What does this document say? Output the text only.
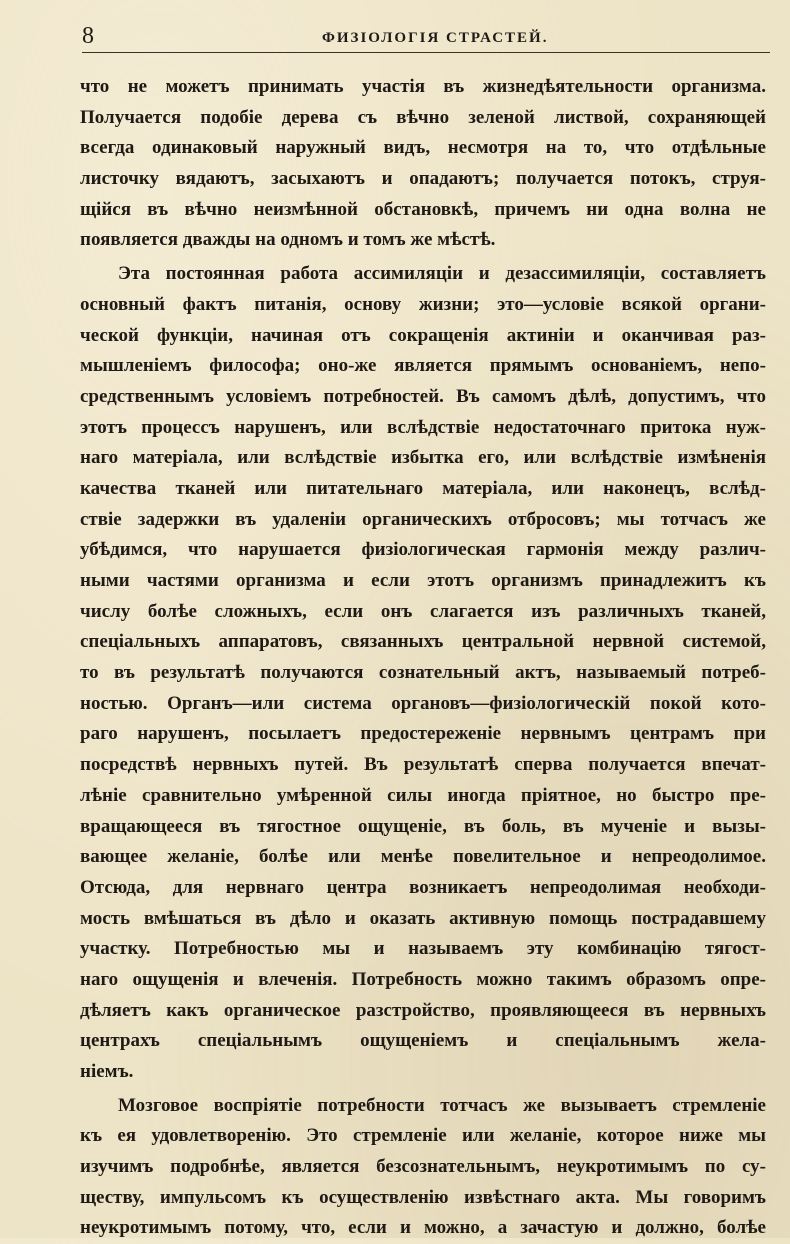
8	ФИЗIОЛОГIЯ СТРАСТЕЙ.
что не можетъ принимать участія въ жизнедѣятельности организма.
Получается подобіе дерева съ вѣчно зеленой листвой, сохраняющей
всегда одинаковый наружный видъ, несмотря на то, что отдѣльные
листочку вядаютъ, засыхаютъ и опадаютъ; получается потокъ, струя-
щійся въ вѣчно неизмѣнной обстановкѣ, причемъ ни одна волна не
появляется дважды на одномъ и томъ же мѣстѣ.
Эта постоянная работа ассимиляціи и дезассимиляціи, составляетъ
основный фактъ питанія, основу жизни; это—условіе всякой органи-
ческой функціи, начиная отъ сокращенія актиніи и оканчивая раз-
мышленіемъ философа; оно-же является прямымъ основаніемъ, непо-
средственнымъ условіемъ потребностей. Въ самомъ дѣлѣ, допустимъ, что
этотъ процессъ нарушенъ, или вслѣдствіе недостаточнаго притока нуж-
наго матеріала, или вслѣдствіе избытка его, или вслѣдствіе измѣненія
качества тканей или питательнаго матеріала, или наконецъ, вслѣд-
ствіе задержки въ удаленіи органическихъ отбросовъ; мы тотчасъ же
убѣдимся, что нарушается физіологическая гармонія между различ-
ными частями организма и если этотъ организмъ принадлежитъ къ
числу болѣе сложныхъ, если онъ слагается изъ различныхъ тканей,
спеціальныхъ аппаратовъ, связанныхъ центральной нервной системой,
то въ результатѣ получаются сознательный актъ, называемый потреб-
ностью. Органъ—или система органовъ—физіологическій покой кото-
раго нарушенъ, посылаетъ предостереженіе нервнымъ центрамъ при
посредствѣ нервныхъ путей. Въ результатѣ сперва получается впечат-
лѣніе сравнительно умѣренной силы иногда пріятное, но быстро пре-
вращающееся въ тягостное ощущеніе, въ боль, въ мученіе и вызы-
вающее желаніе, болѣе или менѣе повелительное и непреодолимое.
Отсюда, для нервнаго центра возникаетъ непреодолимая необходи-
мость вмѣшаться въ дѣло и оказать активную помощь пострадавшему
участку. Потребностью мы и называемъ эту комбинацію тягост-
наго ощущенія и влеченія. Потребность можно такимъ образомъ опре-
дѣляетъ какъ органическое разстройство, проявляющееся въ нервныхъ
центрахъ спеціальнымъ ощущеніемъ и спеціальнымъ жела-
ніемъ.
Мозговое воспріятіе потребности тотчасъ же вызываетъ стремленіе
къ ея удовлетворенію. Это стремленіе или желаніе, которое ниже мы
изучимъ подробнѣе, является безсознательнымъ, неукротимымъ по су-
ществу, импульсомъ къ осуществленію извѣстнаго акта. Мы говоримъ
неукротимымъ потому, что, если и можно, а зачастую и должно, болѣе
